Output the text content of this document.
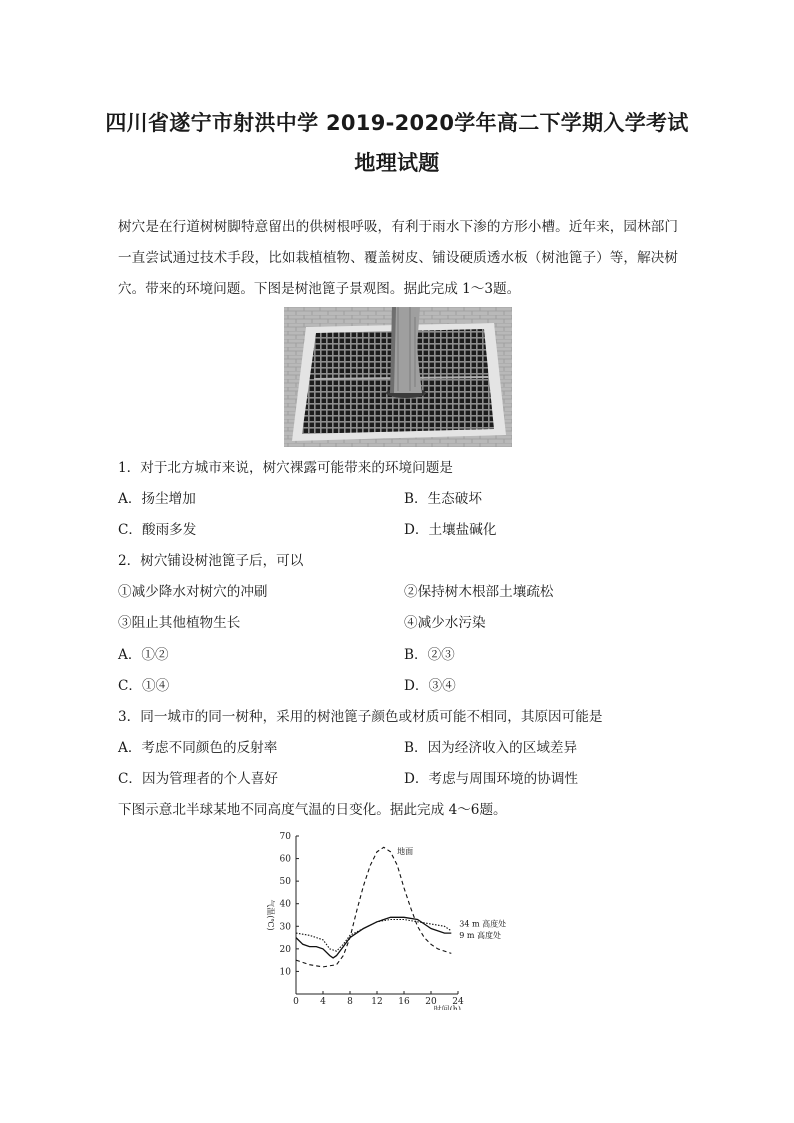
四川省遂宁市射洪中学 2019-2020学年高二下学期入学考试
地理试题
树穴是在行道树树脚特意留出的供树根呼吸，有利于雨水下渗的方形小槽。近年来，园林部门一直尝试通过技术手段，比如栽植植物、覆盖树皮、铺设硬质透水板（树池篦子）等，解决树穴。带来的环境问题。下图是树池篦子景观图。据此完成 1～3题。
1．对于北方城市来说，树穴裸露可能带来的环境问题是
A．扬尘增加	B．生态破坏
C．酸雨多发	D．土壤盐碱化
2．树穴铺设树池篦子后，可以
①减少降水对树穴的冲刷	②保持树木根部土壤疏松
③阻止其他植物生长	④减少水污染
A．①②	B．②③
C．①④	D．③④
3．同一城市的同一树种，采用的树池篦子颜色或材质可能不相同，其原因可能是
A．考虑不同颜色的反射率	B．因为经济收入的区域差异
C．因为管理者的个人喜好	D．考虑与周围环境的协调性
下图示意北半球某地不同高度气温的日变化。据此完成 4～6题。
10
20
30
40
50
60
70
0 4 8 12 16 20 24
气温(℃)
时间(h)
地面
34 m 高度处
9 m 高度处
